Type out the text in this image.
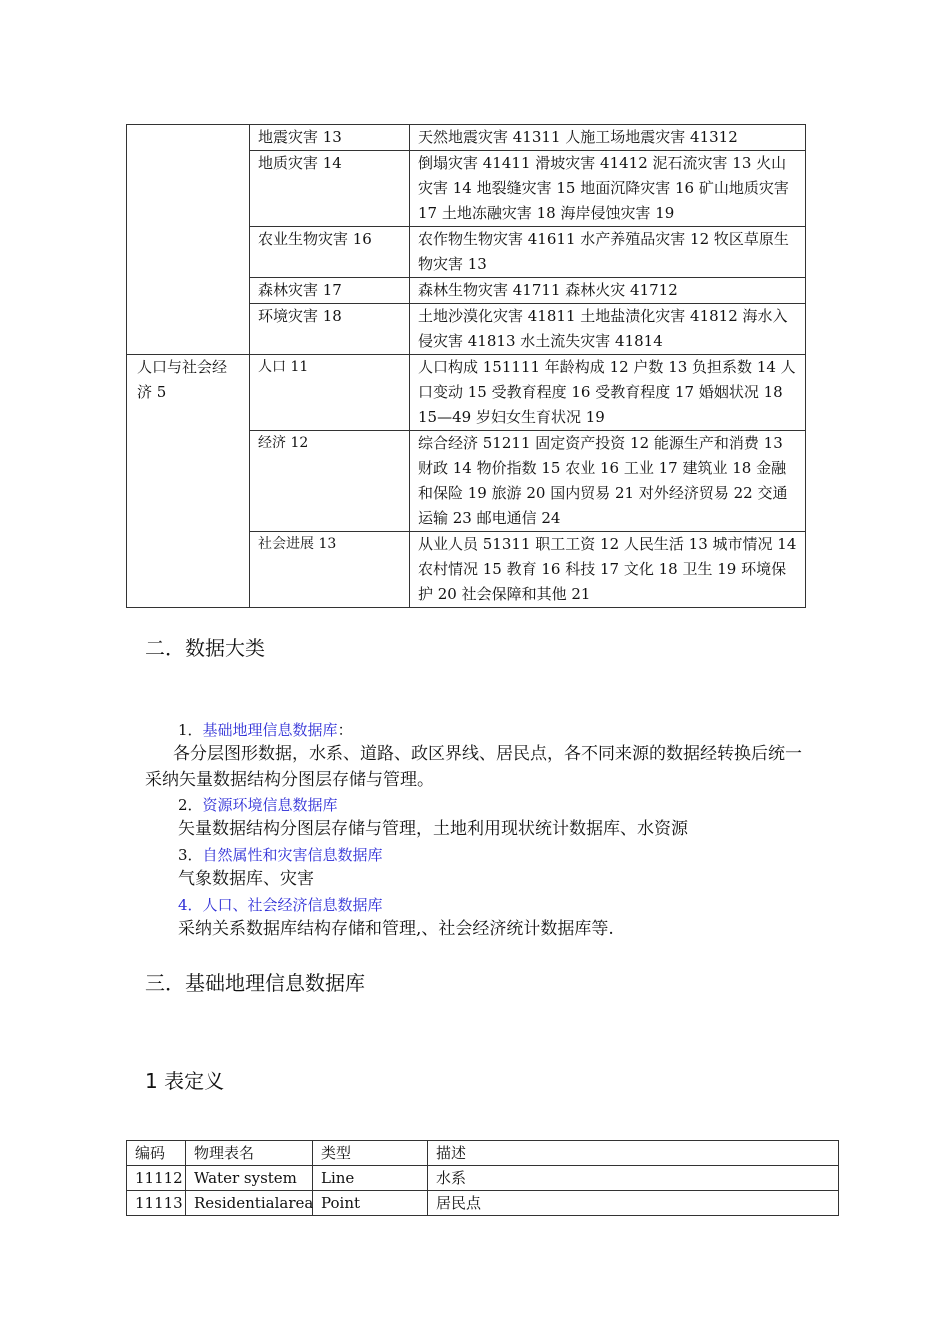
	地震灾害 13	天然地震灾害 41311 人施工场地震灾害 41312
	地质灾害 14	倒塌灾害 41411 滑坡灾害 41412 泥石流灾害 13 火山灾害 14 地裂缝灾害 15 地面沉降灾害 16 矿山地质灾害 17 土地冻融灾害 18 海岸侵蚀灾害 19
	农业生物灾害 16	农作物生物灾害 41611 水产养殖品灾害 12 牧区草原生物灾害 13
	森林灾害 17	森林生物灾害 41711 森林火灾 41712
	环境灾害 18	土地沙漠化灾害 41811 土地盐渍化灾害 41812 海水入侵灾害 41813 水土流失灾害 41814
人口与社会经济 5	人口 11	人口构成 151111 年龄构成 12 户数 13 负担系数 14 人口变动 15 受教育程度 16 受教育程度 17 婚姻状况 18 15—49 岁妇女生育状况 19
	经济 12	综合经济 51211 固定资产投资 12 能源生产和消费 13 财政 14 物价指数 15 农业 16 工业 17 建筑业 18 金融和保险 19 旅游 20 国内贸易 21 对外经济贸易 22 交通运输 23 邮电通信 24
	社会进展 13	从业人员 51311 职工工资 12 人民生活 13 城市情况 14 农村情况 15 教育 16 科技 17 文化 18 卫生 19 环境保护 20 社会保障和其他 21
二．数据大类
1．基础地理信息数据库：
各分层图形数据，水系、道路、政区界线、居民点，各不同来源的数据经转换后统一采纳矢量数据结构分图层存储与管理。
2．资源环境信息数据库
矢量数据结构分图层存储与管理，土地利用现状统计数据库、水资源
3．自然属性和灾害信息数据库
气象数据库、灾害
4．人口、社会经济信息数据库
采纳关系数据库结构存储和管理,、社会经济统计数据库等.
三．基础地理信息数据库
1 表定义
编码	物理表名	类型	描述
11112	Water system	Line	水系
11113	Residentialarea	Point	居民点
